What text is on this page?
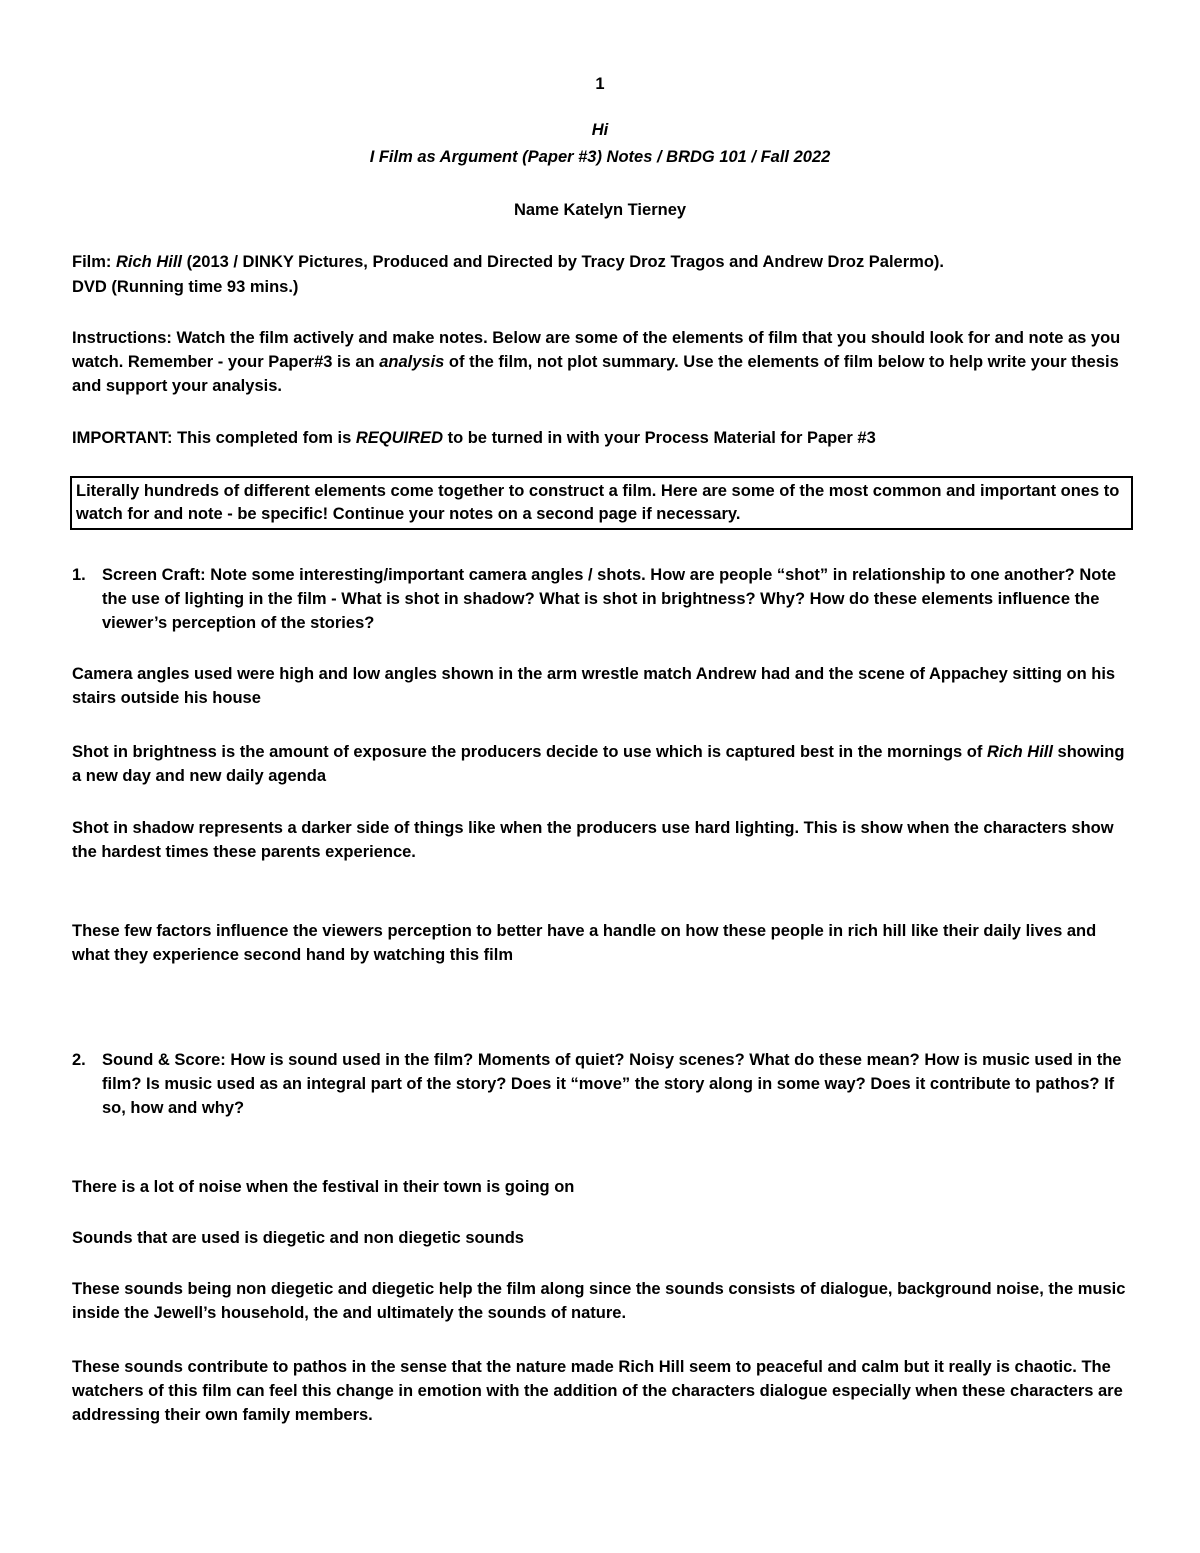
1
Hi
I Film as Argument (Paper #3) Notes / BRDG 101 / Fall 2022
Name Katelyn Tierney
Film: Rich Hill (2013 / DINKY Pictures, Produced and Directed by Tracy Droz Tragos and Andrew Droz Palermo).
DVD (Running time 93 mins.)
Instructions: Watch the film actively and make notes. Below are some of the elements of film that you should look for and note as you watch. Remember - your Paper#3 is an analysis of the film, not plot summary. Use the elements of film below to help write your thesis and support your analysis.
IMPORTANT: This completed fom is REQUIRED to be turned in with your Process Material for Paper #3
Literally hundreds of different elements come together to construct a film. Here are some of the most common and important ones to watch for and note - be specific! Continue your notes on a second page if necessary.
1. Screen Craft: Note some interesting/important camera angles / shots. How are people “shot” in relationship to one another? Note the use of lighting in the film - What is shot in shadow? What is shot in brightness? Why? How do these elements influence the viewer’s perception of the stories?
Camera angles used were high and low angles shown in the arm wrestle match Andrew had and the scene of Appachey sitting on his stairs outside his house
Shot in brightness is the amount of exposure the producers decide to use which is captured best in the mornings of Rich Hill showing a new day and new daily agenda
Shot in shadow represents a darker side of things like when the producers use hard lighting. This is show when the characters show the hardest times these parents experience.
These few factors influence the viewers perception to better have a handle on how these people in rich hill like their daily lives and what they experience second hand by watching this film
2. Sound & Score: How is sound used in the film? Moments of quiet? Noisy scenes? What do these mean? How is music used in the film? Is music used as an integral part of the story? Does it “move” the story along in some way? Does it contribute to pathos? If so, how and why?
There is a lot of noise when the festival in their town is going on
Sounds that are used is diegetic and non diegetic sounds
These sounds being non diegetic and diegetic help the film along since the sounds consists of dialogue, background noise, the music inside the Jewell’s household, the and ultimately the sounds of nature.
These sounds contribute to pathos in the sense that the nature made Rich Hill seem to peaceful and calm but it really is chaotic. The watchers of this film can feel this change in emotion with the addition of the characters dialogue especially when these characters are addressing their own family members.
